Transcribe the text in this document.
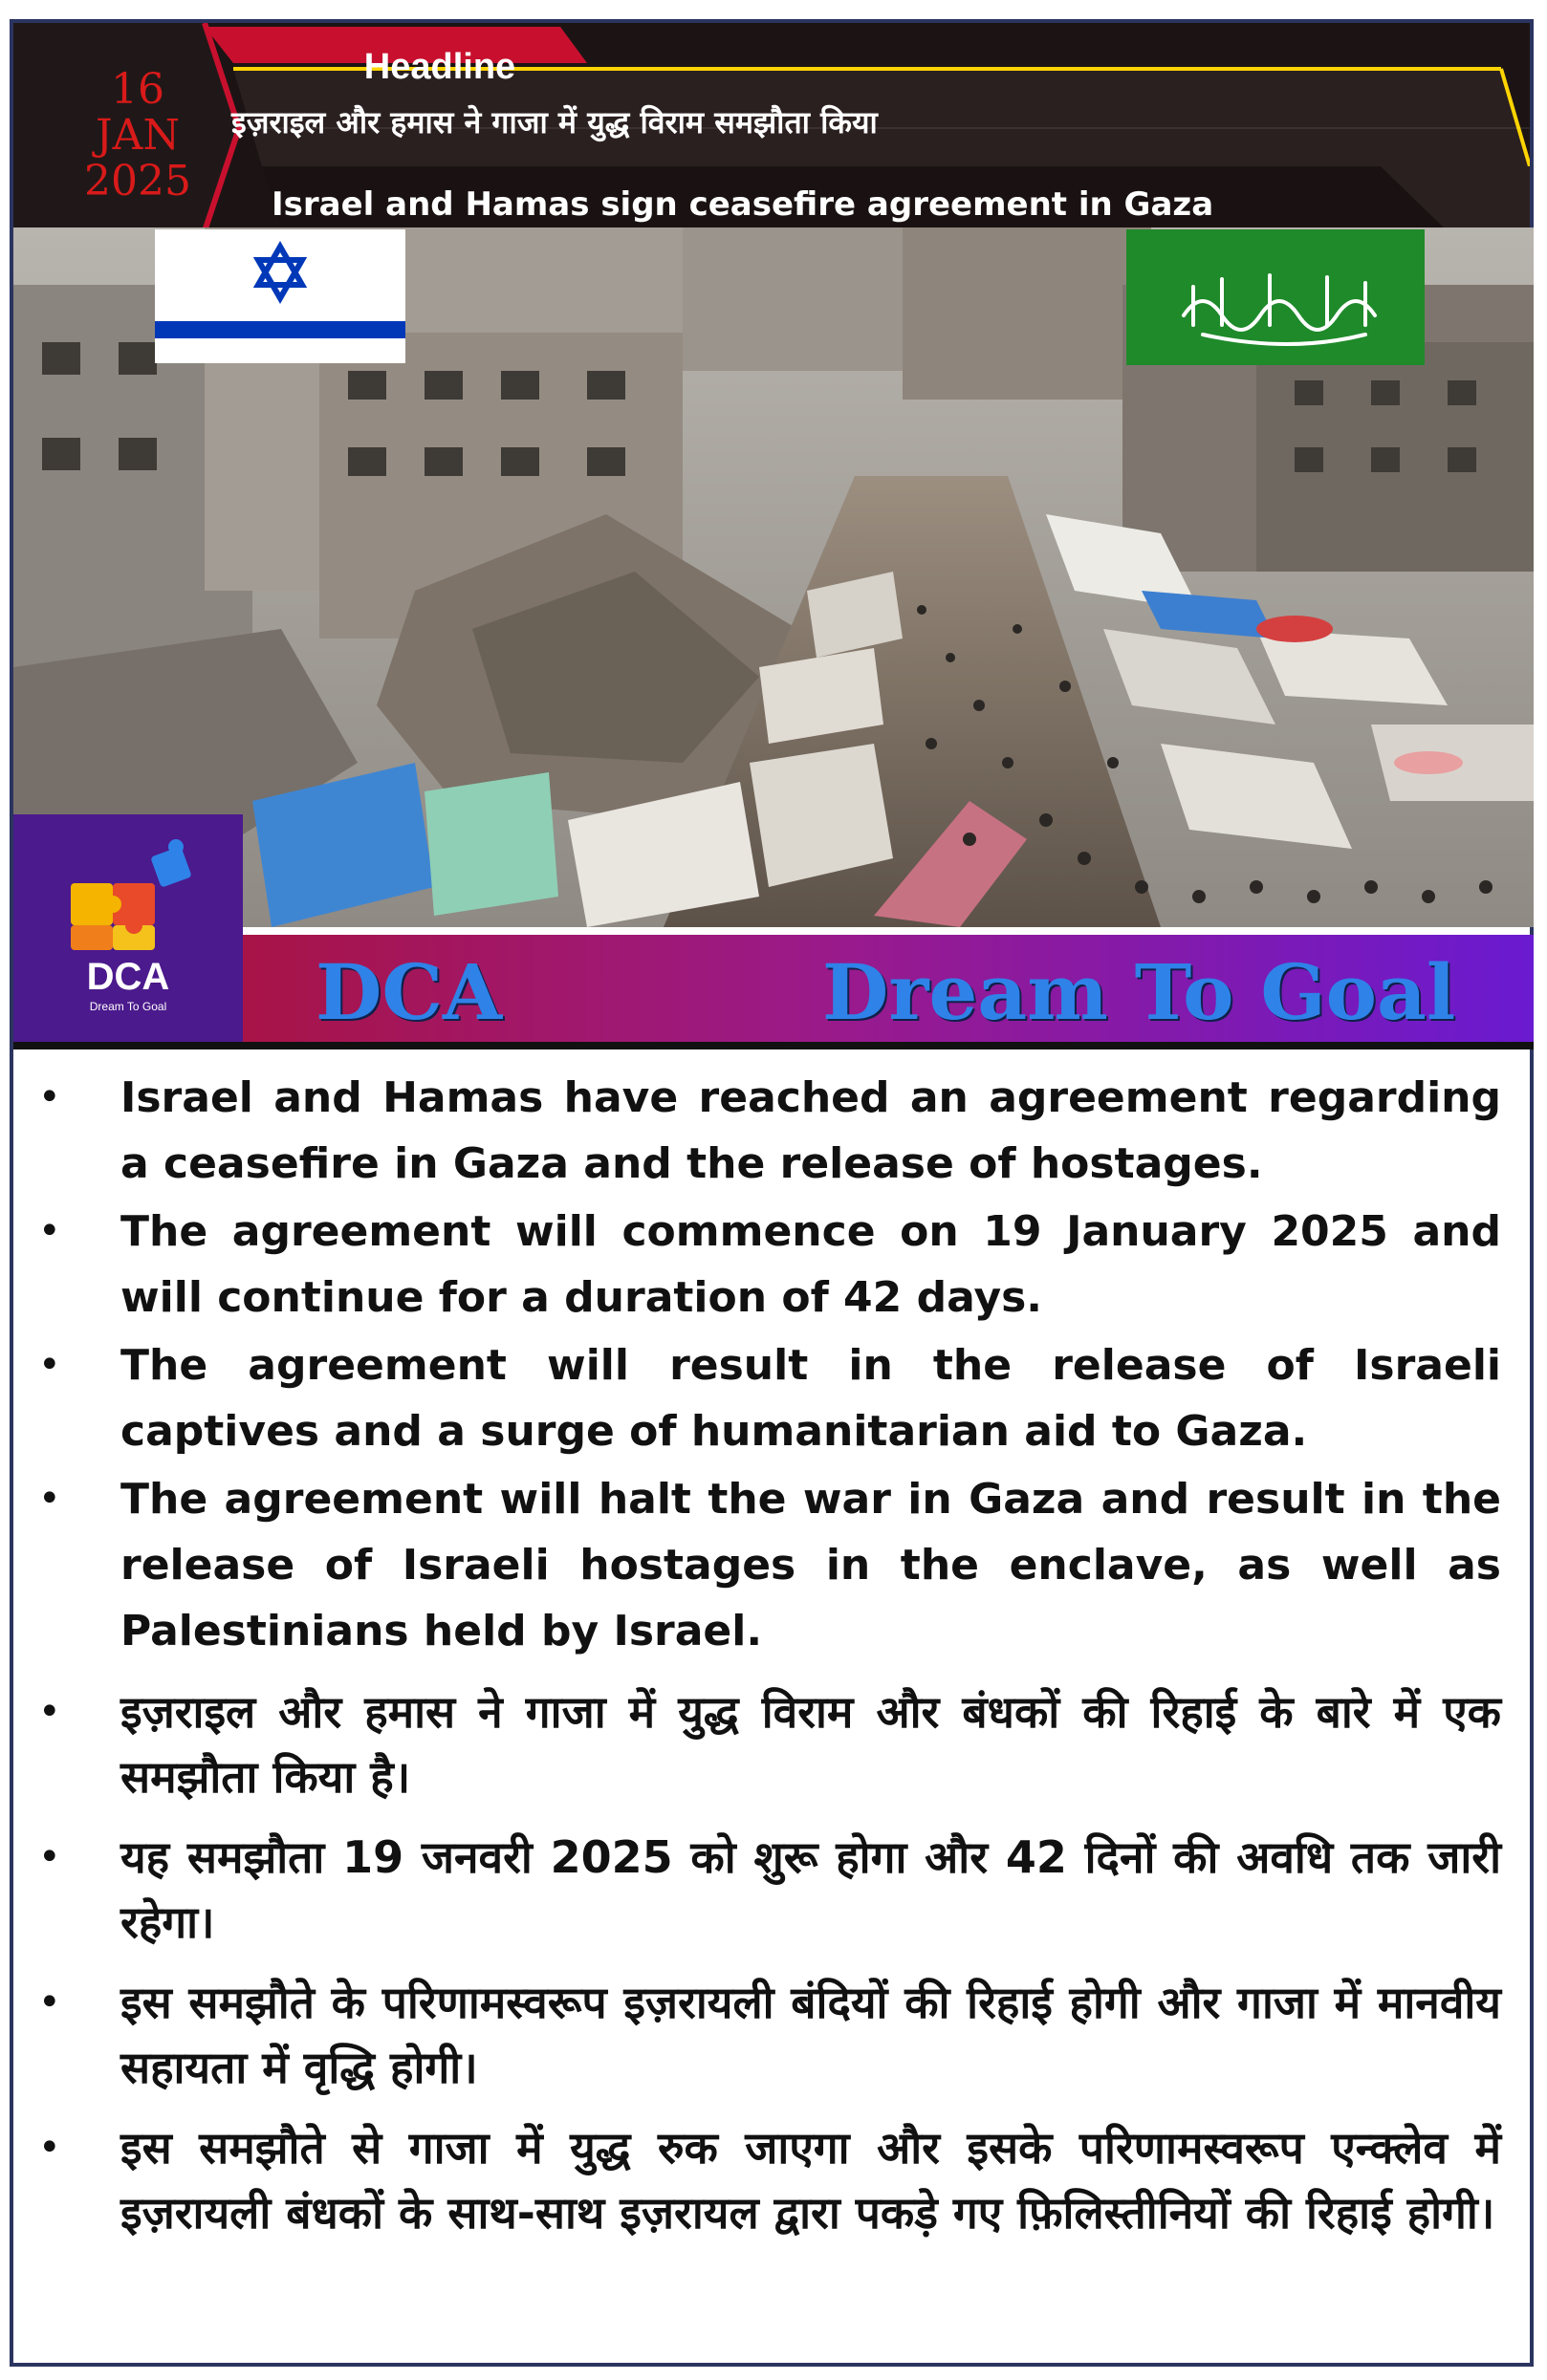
16
JAN
2025
Headline
इज़राइल और हमास ने गाजा में युद्ध विराम समझौता किया
Israel and Hamas sign ceasefire agreement in Gaza
DCA
Dream To Goal	DCA	Dream To Goal
• Israel and Hamas have reached an agreement regarding a ceasefire in Gaza and the release of hostages.
• The agreement will commence on 19 January 2025 and will continue for a duration of 42 days.
• The agreement will result in the release of Israeli captives and a surge of humanitarian aid to Gaza.
• The agreement will halt the war in Gaza and result in the release of Israeli hostages in the enclave, as well as Palestinians held by Israel.
• इज़राइल और हमास ने गाजा में युद्ध विराम और बंधकों की रिहाई के बारे में एक समझौता किया है।
• यह समझौता 19 जनवरी 2025 को शुरू होगा और 42 दिनों की अवधि तक जारी रहेगा।
• इस समझौते के परिणामस्वरूप इज़रायली बंदियों की रिहाई होगी और गाजा में मानवीय सहायता में वृद्धि होगी।
• इस समझौते से गाजा में युद्ध रुक जाएगा और इसके परिणामस्वरूप एन्क्लेव में इज़रायली बंधकों के साथ-साथ इज़रायल द्वारा पकड़े गए फ़िलिस्तीनियों की रिहाई होगी।
